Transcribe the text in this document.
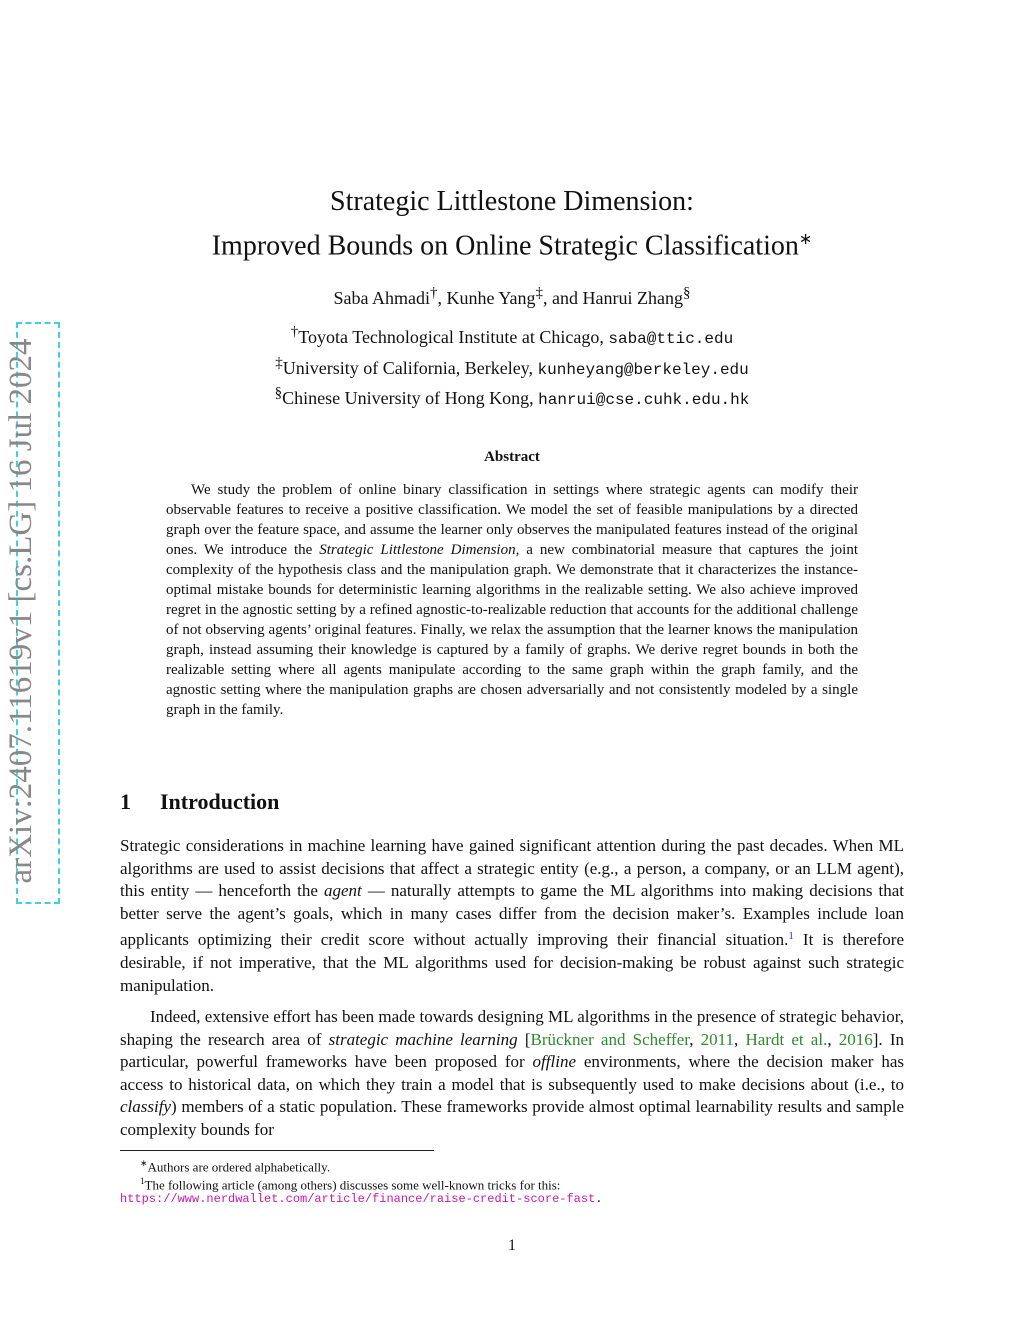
arXiv:2407.11619v1 [cs.LG] 16 Jul 2024
Strategic Littlestone Dimension:
Improved Bounds on Online Strategic Classification∗
Saba Ahmadi†, Kunhe Yang‡, and Hanrui Zhang§
†Toyota Technological Institute at Chicago, saba@ttic.edu
‡University of California, Berkeley, kunheyang@berkeley.edu
§Chinese University of Hong Kong, hanrui@cse.cuhk.edu.hk
Abstract
We study the problem of online binary classification in settings where strategic agents can modify their observable features to receive a positive classification. We model the set of feasible manipulations by a directed graph over the feature space, and assume the learner only observes the manipulated features instead of the original ones. We introduce the Strategic Littlestone Dimension, a new combinatorial measure that captures the joint complexity of the hypothesis class and the manipulation graph. We demonstrate that it characterizes the instance-optimal mistake bounds for deterministic learning algorithms in the realizable setting. We also achieve improved regret in the agnostic setting by a refined agnostic-to-realizable reduction that accounts for the additional challenge of not observing agents’ original features. Finally, we relax the assumption that the learner knows the manipulation graph, instead assuming their knowledge is captured by a family of graphs. We derive regret bounds in both the realizable setting where all agents manipulate according to the same graph within the graph family, and the agnostic setting where the manipulation graphs are chosen adversarially and not consistently modeled by a single graph in the family.
1 Introduction
Strategic considerations in machine learning have gained significant attention during the past decades. When ML algorithms are used to assist decisions that affect a strategic entity (e.g., a person, a company, or an LLM agent), this entity — henceforth the agent — naturally attempts to game the ML algorithms into making decisions that better serve the agent’s goals, which in many cases differ from the decision maker’s. Examples include loan applicants optimizing their credit score without actually improving their financial situation.$^1$ It is therefore desirable, if not imperative, that the ML algorithms used for decision-making be robust against such strategic manipulation.
Indeed, extensive effort has been made towards designing ML algorithms in the presence of strategic behavior, shaping the research area of strategic machine learning [Brückner and Scheffer, 2011, Hardt et al., 2016]. In particular, powerful frameworks have been proposed for offline environments, where the decision maker has access to historical data, on which they train a model that is subsequently used to make decisions about (i.e., to classify) members of a static population. These frameworks provide almost optimal learnability results and sample complexity bounds for
∗Authors are ordered alphabetically.
$^1$The following article (among others) discusses some well-known tricks for this:
https://www.nerdwallet.com/article/finance/raise-credit-score-fast.
1
